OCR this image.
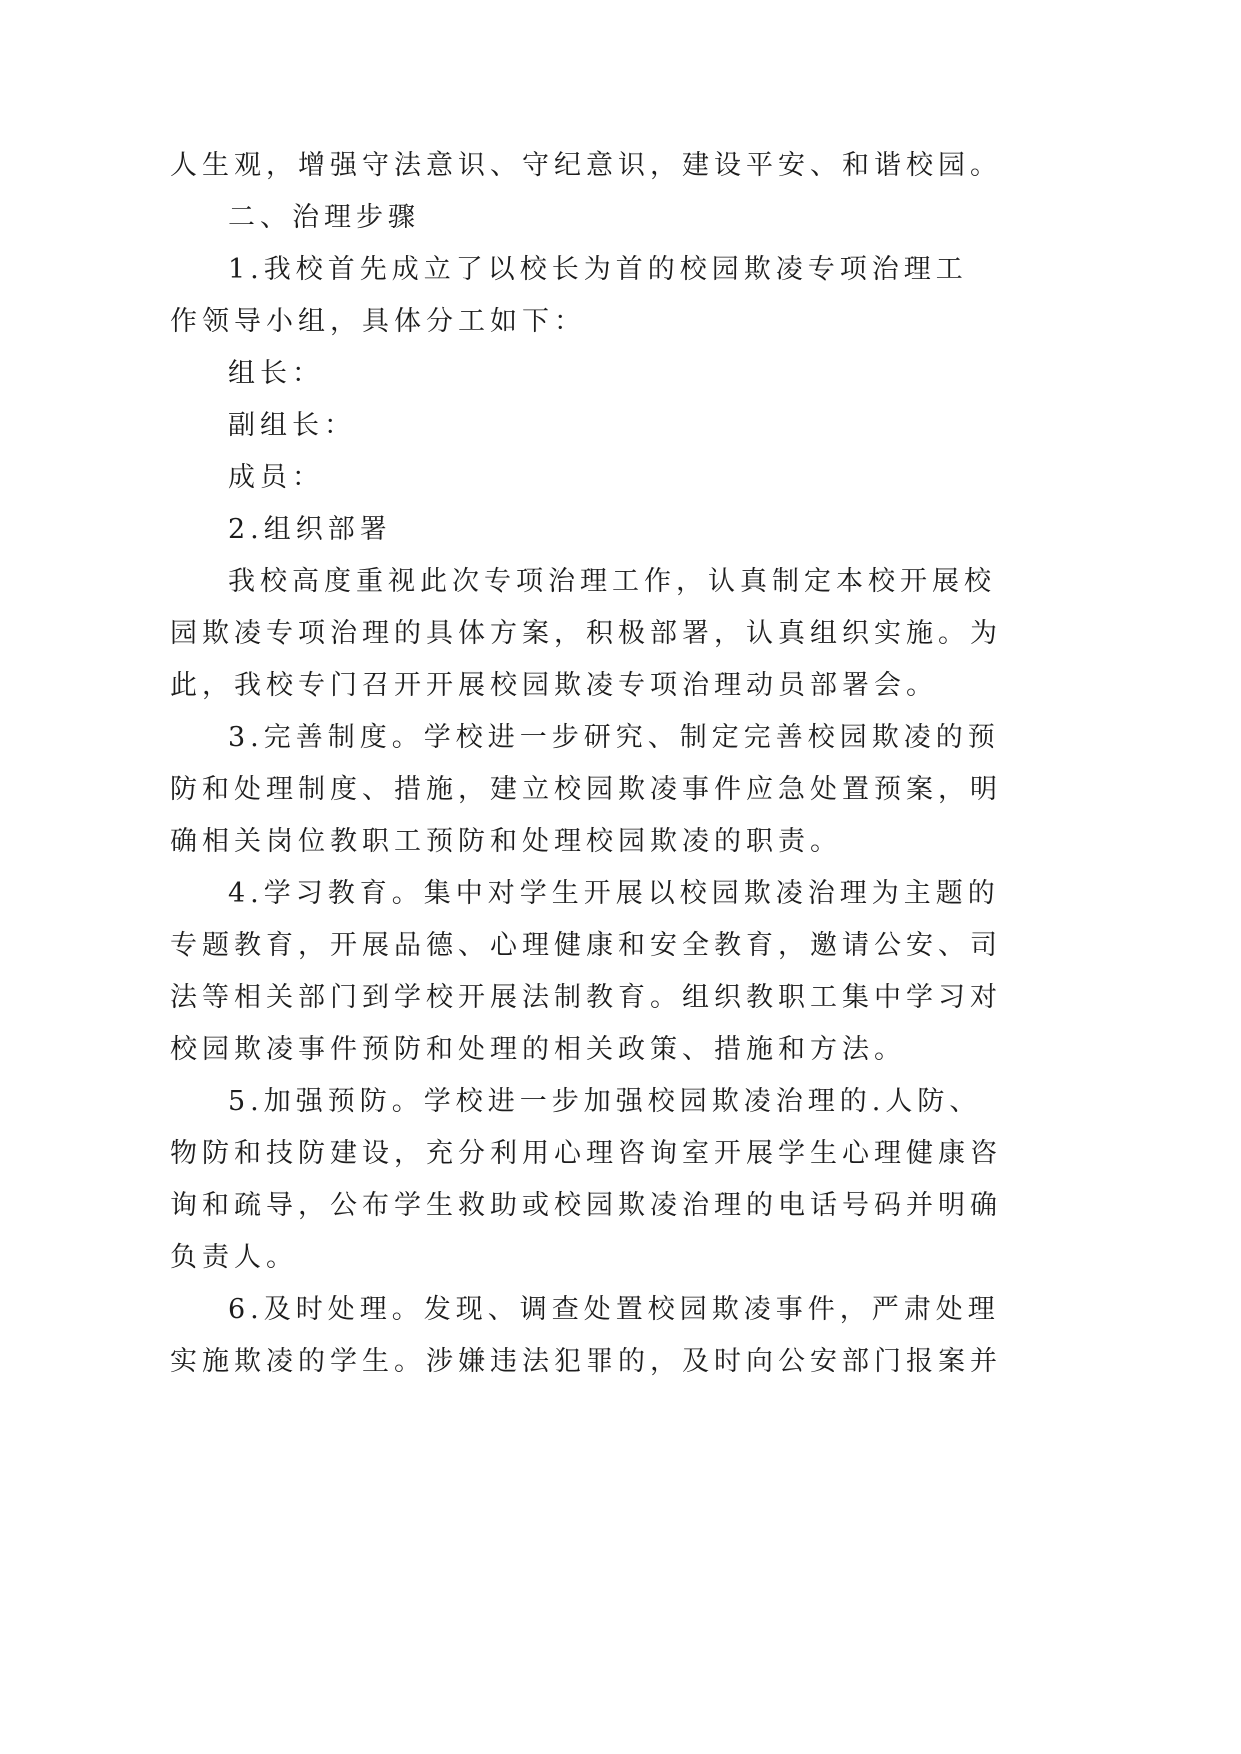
人生观，增强守法意识、守纪意识，建设平安、和谐校园。
二、治理步骤
1.我校首先成立了以校长为首的校园欺凌专项治理工
作领导小组，具体分工如下：
组长：
副组长：
成员：
2.组织部署
我校高度重视此次专项治理工作，认真制定本校开展校
园欺凌专项治理的具体方案，积极部署，认真组织实施。为
此，我校专门召开开展校园欺凌专项治理动员部署会。
3.完善制度。学校进一步研究、制定完善校园欺凌的预
防和处理制度、措施，建立校园欺凌事件应急处置预案，明
确相关岗位教职工预防和处理校园欺凌的职责。
4.学习教育。集中对学生开展以校园欺凌治理为主题的
专题教育，开展品德、心理健康和安全教育，邀请公安、司
法等相关部门到学校开展法制教育。组织教职工集中学习对
校园欺凌事件预防和处理的相关政策、措施和方法。
5.加强预防。学校进一步加强校园欺凌治理的.人防、
物防和技防建设，充分利用心理咨询室开展学生心理健康咨
询和疏导，公布学生救助或校园欺凌治理的电话号码并明确
负责人。
6.及时处理。发现、调查处置校园欺凌事件，严肃处理
实施欺凌的学生。涉嫌违法犯罪的，及时向公安部门报案并
